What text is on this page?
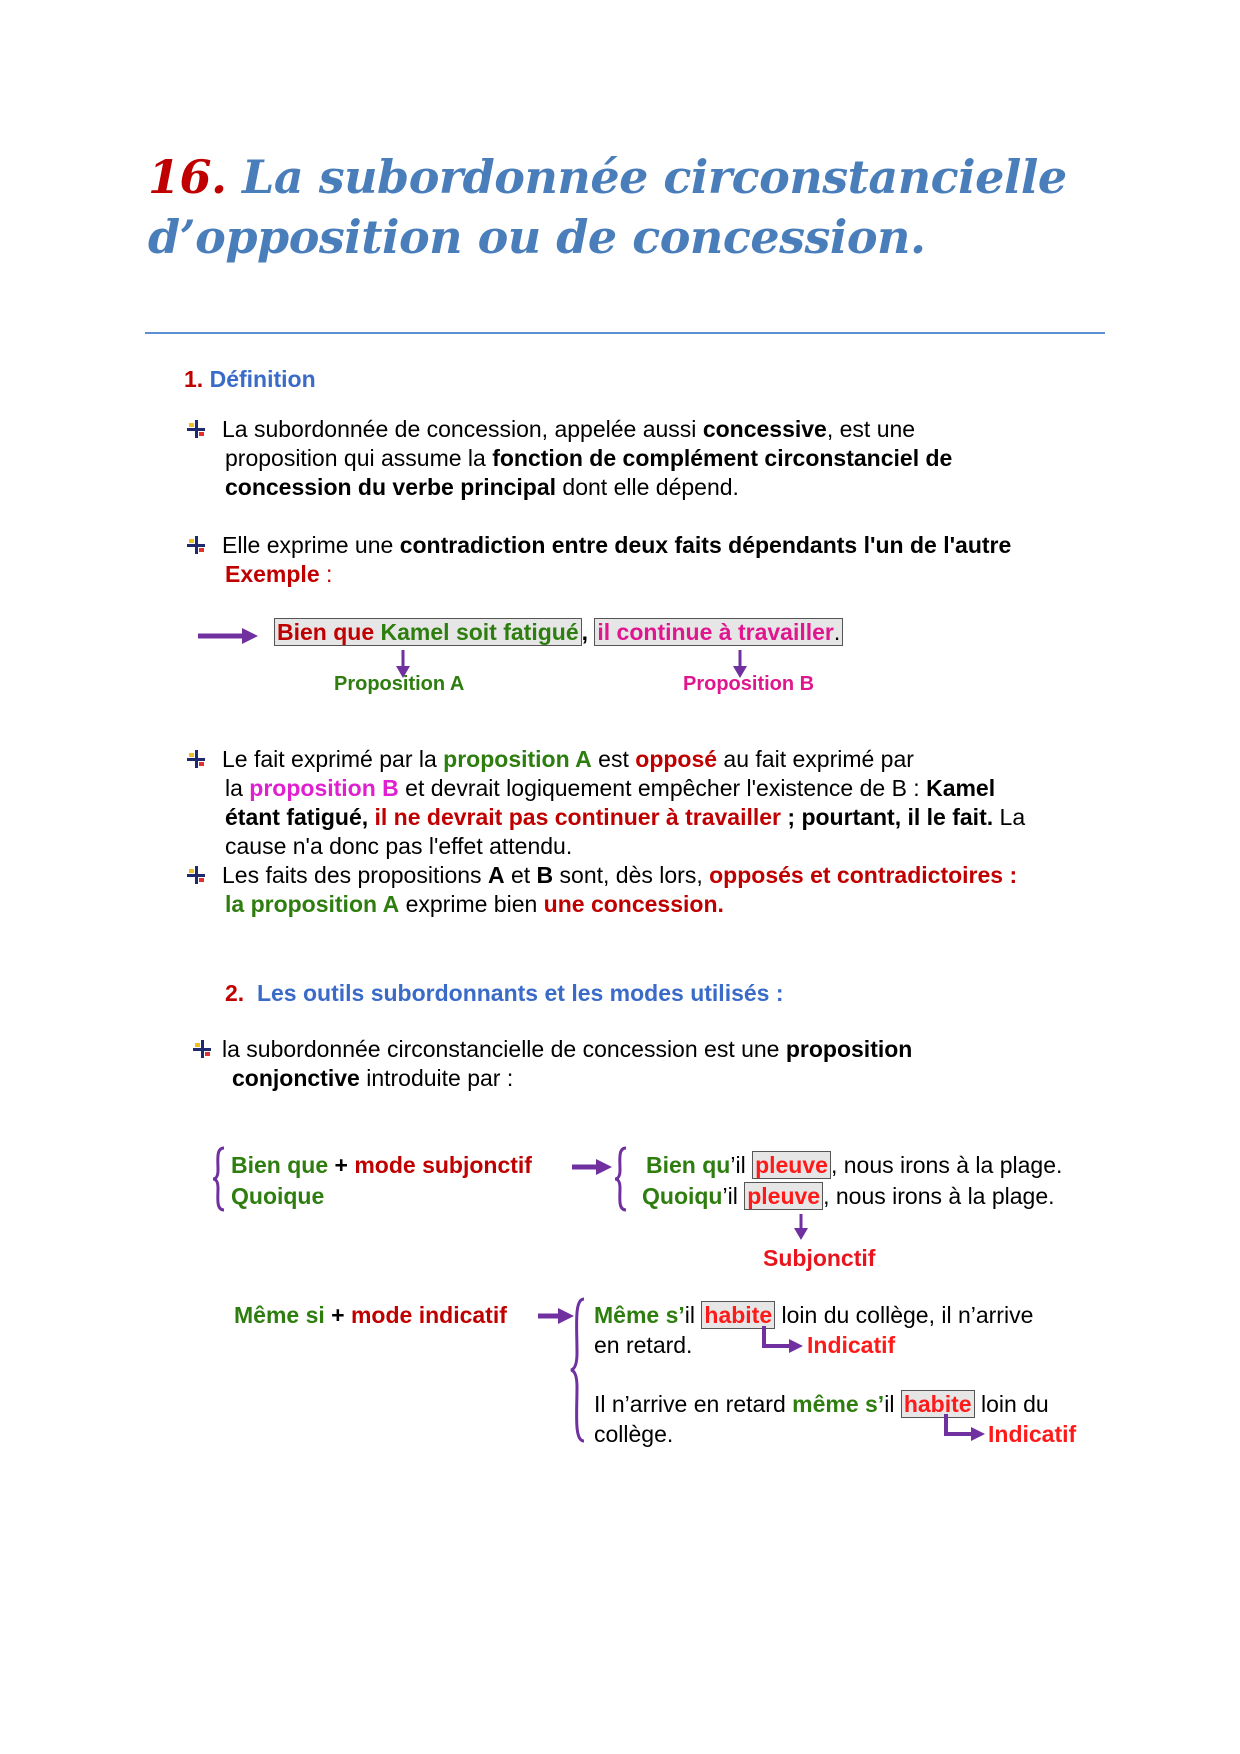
16. La subordonnée circonstancielle
d’opposition ou de concession.
1. Définition
La subordonnée de concession, appelée aussi concessive, est une
proposition qui assume la fonction de complément circonstanciel de
concession du verbe principal dont elle dépend.
Elle exprime une contradiction entre deux faits dépendants l'un de l'autre
Exemple :
Bien que Kamel soit fatigué , il continue à travailler.
Proposition A	Proposition B
Le fait exprimé par la proposition A est opposé au fait exprimé par
la proposition B et devrait logiquement empêcher l'existence de B : Kamel
étant fatigué, il ne devrait pas continuer à travailler ; pourtant, il le fait. La
cause n'a donc pas l'effet attendu.
Les faits des propositions A et B sont, dès lors, opposés et contradictoires :
la proposition A exprime bien une concession.
2. Les outils subordonnants et les modes utilisés :
la subordonnée circonstancielle de concession est une proposition
conjonctive introduite par :
Bien que + mode subjonctif
Quoique
Bien qu’il pleuve , nous irons à la plage.
Quoiqu’il pleuve , nous irons à la plage.
Subjonctif
Même si + mode indicatif	Même s’il habite loin du collège, il n’arrive
en retard.	Indicatif
Il n’arrive en retard même s’il habite loin du
collège.	Indicatif
